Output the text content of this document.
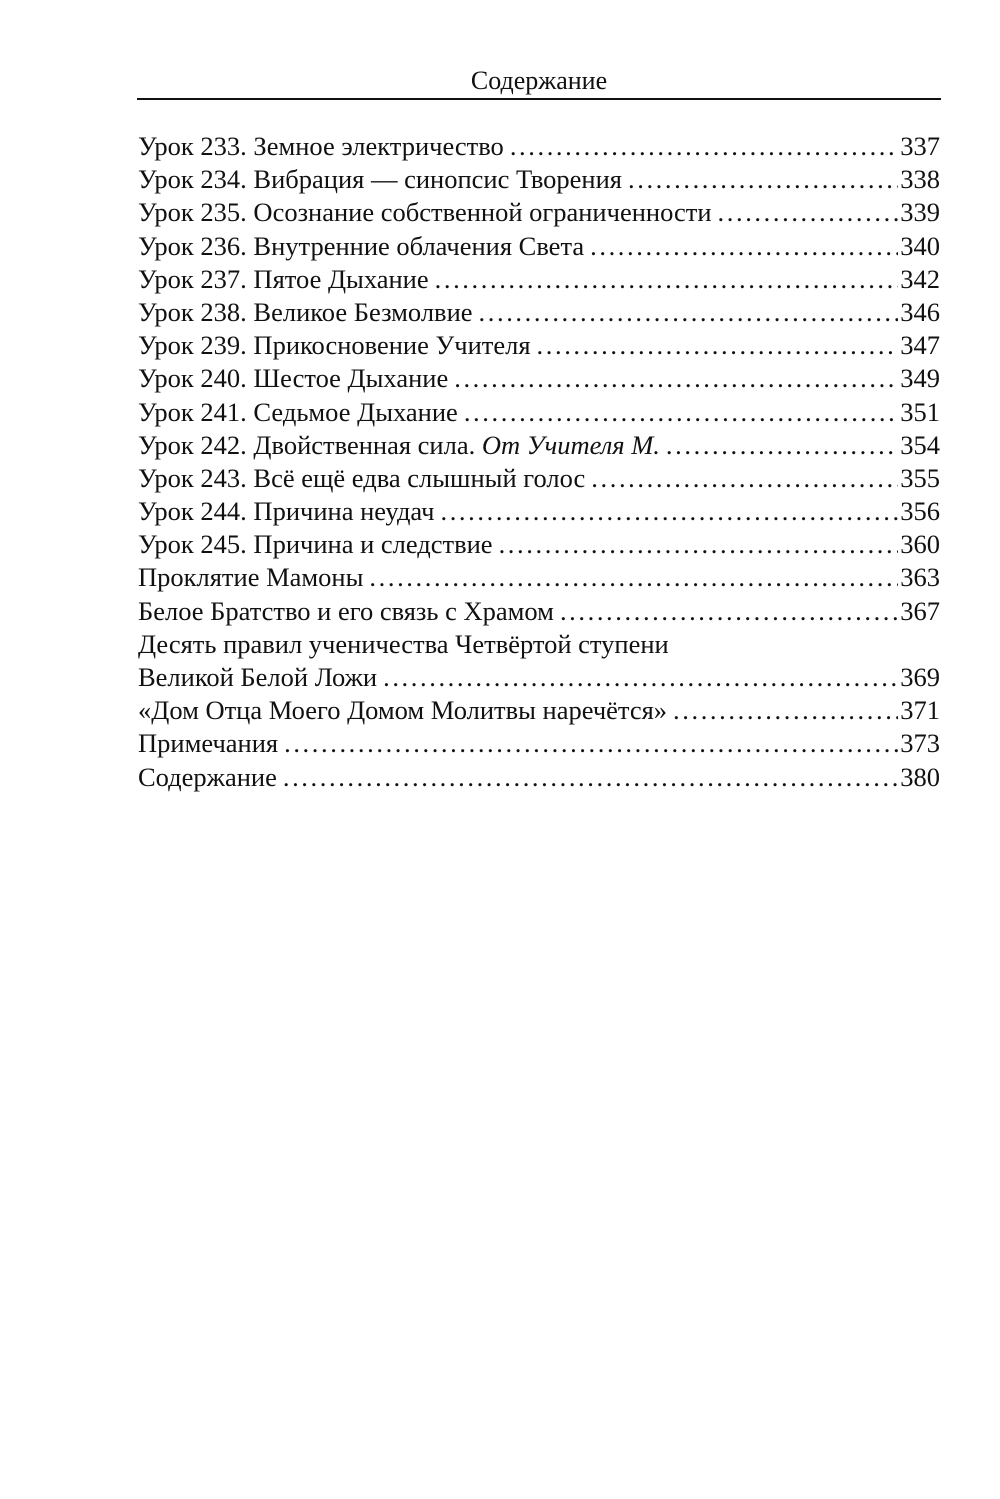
Содержание
Урок 233. Земное электричество .....	337
Урок 234. Вибрация — синопсис Творения .....	338
Урок 235. Осознание собственной ограниченности .....	339
Урок 236. Внутренние облачения Света .....	340
Урок 237. Пятое Дыхание .....	342
Урок 238. Великое Безмолвие .....	346
Урок 239. Прикосновение Учителя .....	347
Урок 240. Шестое Дыхание .....	349
Урок 241. Седьмое Дыхание .....	351
Урок 242. Двойственная сила. От Учителя М. .....	354
Урок 243. Всё ещё едва слышный голос .....	355
Урок 244. Причина неудач .....	356
Урок 245. Причина и следствие .....	360
Проклятие Мамоны .....	363
Белое Братство и его связь с Храмом .....	367
Десять правил ученичества Четвёртой ступени
Великой Белой Ложи .....	369
«Дом Отца Моего Домом Молитвы наречётся» .....	371
Примечания .....	373
Содержание .....	380
